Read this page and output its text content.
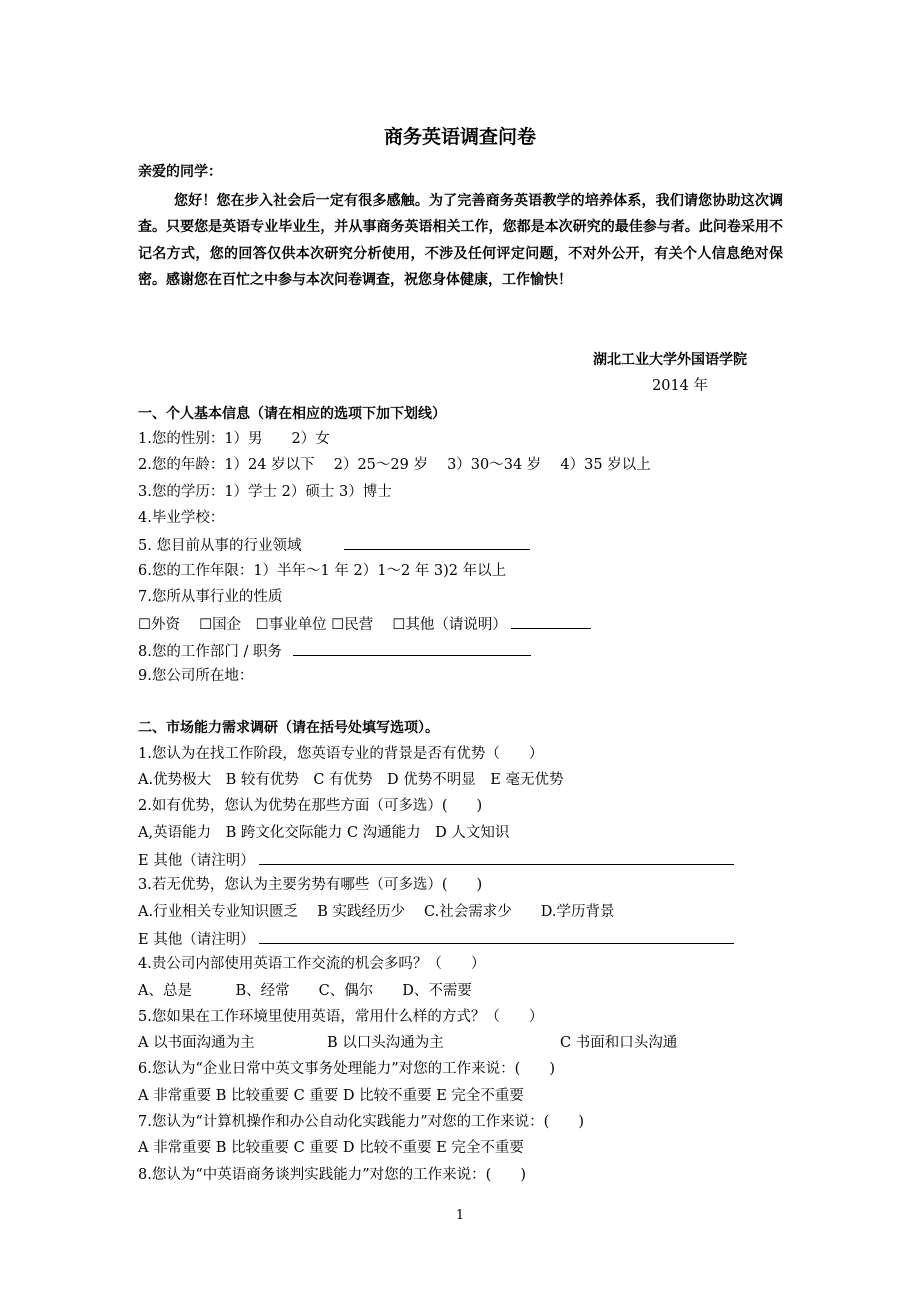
商务英语调查问卷
亲爱的同学：
您好！您在步入社会后一定有很多感触。为了完善商务英语教学的培养体系，我们请您协助这次调查。只要您是英语专业毕业生，并从事商务英语相关工作，您都是本次研究的最佳参与者。此问卷采用不记名方式，您的回答仅供本次研究分析使用，不涉及任何评定问题，不对外公开，有关个人信息绝对保密。感谢您在百忙之中参与本次问卷调查，祝您身体健康，工作愉快！
湖北工业大学外国语学院
2014 年
一、个人基本信息（请在相应的选项下加下划线）
1.您的性别：1）男　　2）女
2.您的年龄：1）24 岁以下　 2）25～29 岁　 3）30～34 岁　 4）35 岁以上
3.您的学历：1）学士 2）硕士 3）博士
4.毕业学校：
5. 您目前从事的行业领域
6.您的工作年限：1）半年～1 年 2）1～2 年 3)2 年以上
7.您所从事行业的性质
☐外资　 ☐国企　☐事业单位 ☐民营　 ☐其他（请说明）
8.您的工作部门 / 职务
9.您公司所在地：
二、市场能力需求调研（请在括号处填写选项）。
1.您认为在找工作阶段，您英语专业的背景是否有优势（　　）
A.优势极大　B 较有优势　C 有优势　D 优势不明显　E 毫无优势
2.如有优势，您认为优势在那些方面（可多选）(　　)
A,英语能力　B 跨文化交际能力 C 沟通能力　D 人文知识
E 其他（请注明）
3.若无优势，您认为主要劣势有哪些（可多选）(　　)
A.行业相关专业知识匮乏　 B 实践经历少　 C.社会需求少　　D.学历背景
E 其他（请注明）
4.贵公司内部使用英语工作交流的机会多吗？（　　）
A、总是　　　B、经常　　C、偶尔　　D、不需要
5.您如果在工作环境里使用英语，常用什么样的方式？（　　）
A 以书面沟通为主	B 以口头沟通为主	C 书面和口头沟通
6.您认为“企业日常中英文事务处理能力”对您的工作来说：(　　)
A 非常重要 B 比较重要 C 重要 D 比较不重要 E 完全不重要
7.您认为“计算机操作和办公自动化实践能力”对您的工作来说：(　　)
A 非常重要 B 比较重要 C 重要 D 比较不重要 E 完全不重要
8.您认为“中英语商务谈判实践能力”对您的工作来说：(　　)
1
